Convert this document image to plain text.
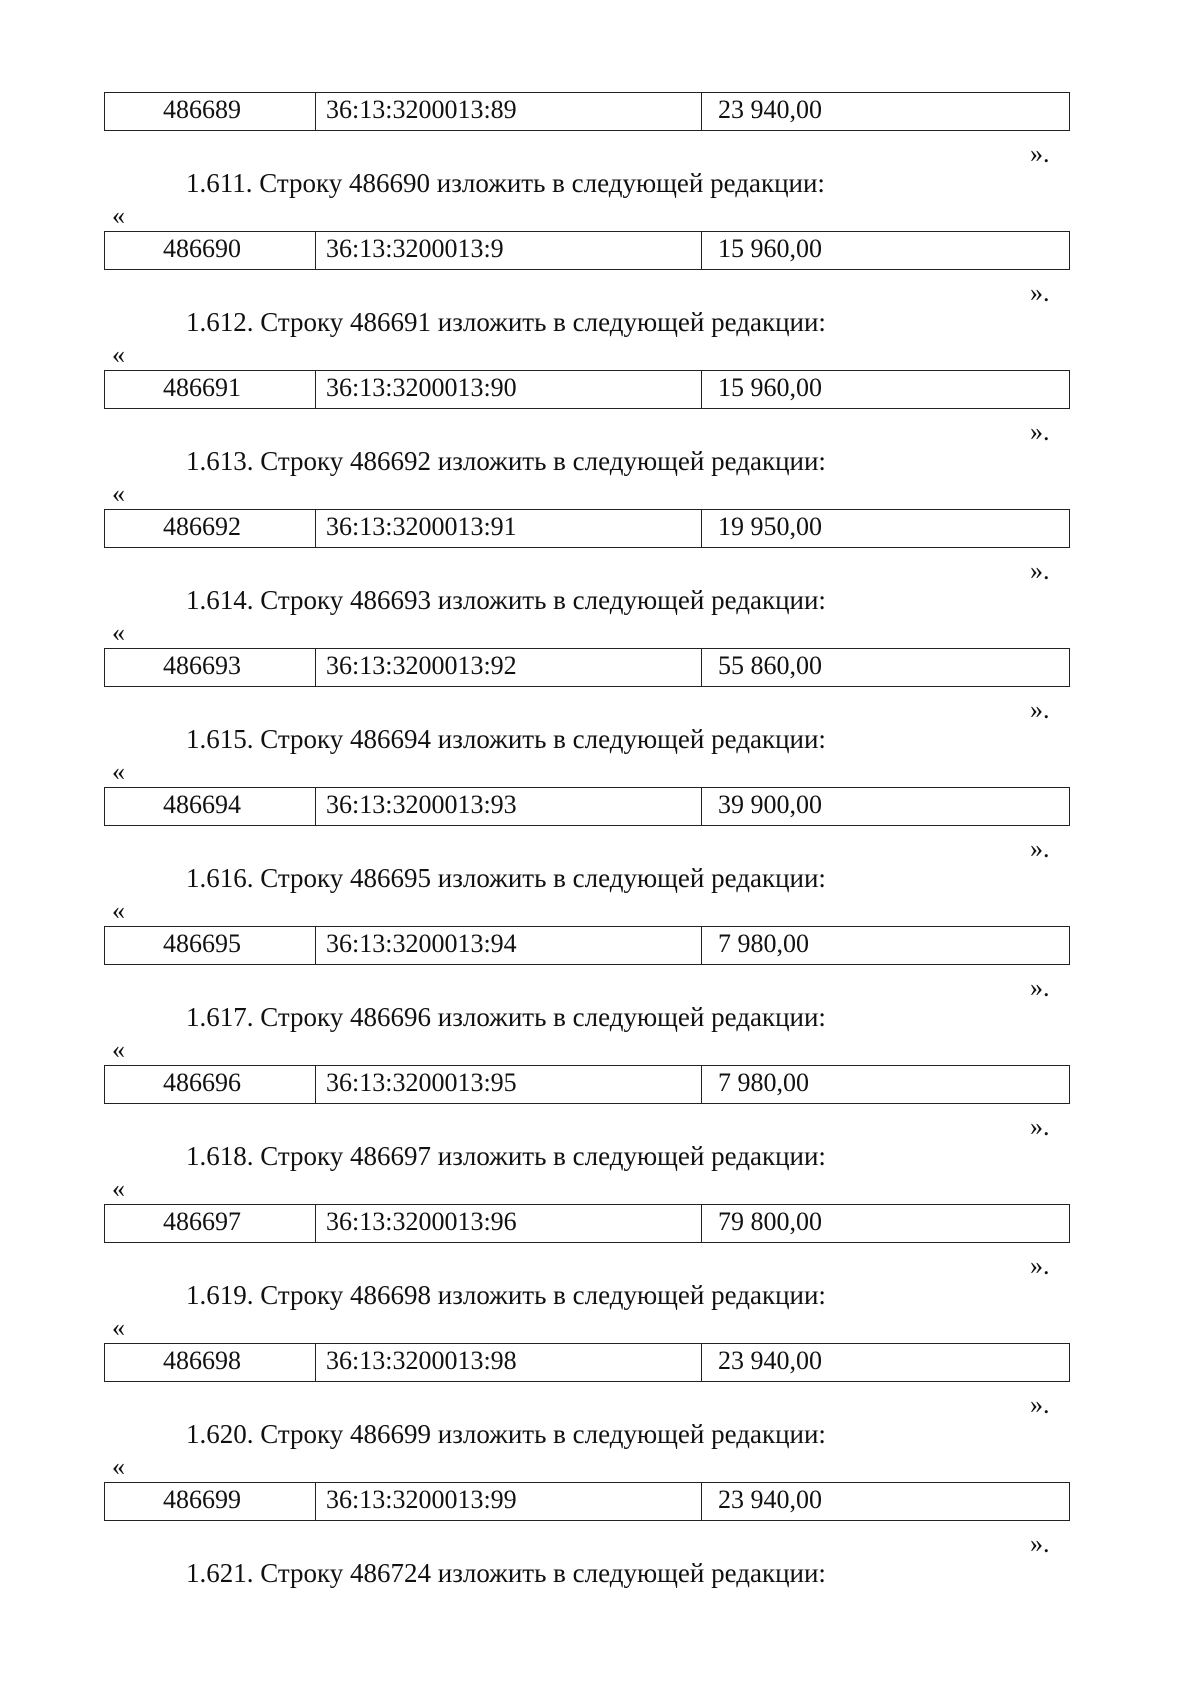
486689	36:13:3200013:89	23 940,00
».
1.611. Строку 486690 изложить в следующей редакции:
«
486690	36:13:3200013:9	15 960,00
».
1.612. Строку 486691 изложить в следующей редакции:
«
486691	36:13:3200013:90	15 960,00
».
1.613. Строку 486692 изложить в следующей редакции:
«
486692	36:13:3200013:91	19 950,00
».
1.614. Строку 486693 изложить в следующей редакции:
«
486693	36:13:3200013:92	55 860,00
».
1.615. Строку 486694 изложить в следующей редакции:
«
486694	36:13:3200013:93	39 900,00
».
1.616. Строку 486695 изложить в следующей редакции:
«
486695	36:13:3200013:94	7 980,00
».
1.617. Строку 486696 изложить в следующей редакции:
«
486696	36:13:3200013:95	7 980,00
».
1.618. Строку 486697 изложить в следующей редакции:
«
486697	36:13:3200013:96	79 800,00
».
1.619. Строку 486698 изложить в следующей редакции:
«
486698	36:13:3200013:98	23 940,00
».
1.620. Строку 486699 изложить в следующей редакции:
«
486699	36:13:3200013:99	23 940,00
».
1.621. Строку 486724 изложить в следующей редакции:
